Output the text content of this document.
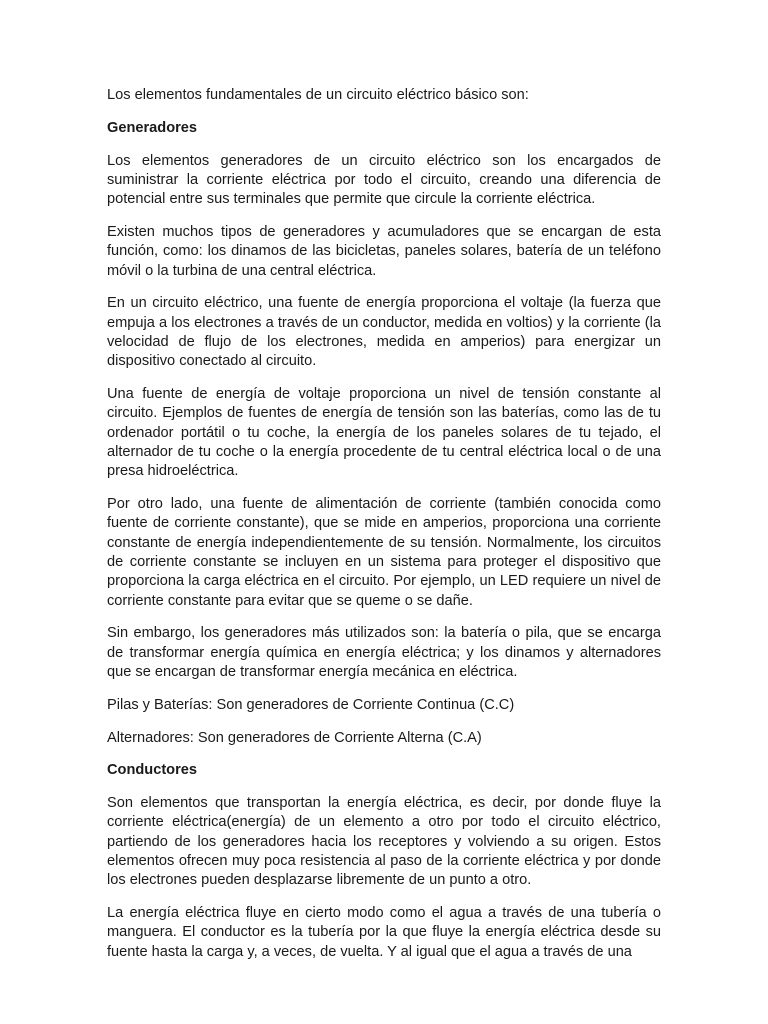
Los elementos fundamentales de un circuito eléctrico básico son:

Generadores

Los elementos generadores de un circuito eléctrico son los encargados de suministrar la corriente eléctrica por todo el circuito, creando una diferencia de potencial entre sus terminales que permite que circule la corriente eléctrica.

Existen muchos tipos de generadores y acumuladores que se encargan de esta función, como: los dinamos de las bicicletas, paneles solares, batería de un teléfono móvil o la turbina de una central eléctrica.

En un circuito eléctrico, una fuente de energía proporciona el voltaje (la fuerza que empuja a los electrones a través de un conductor, medida en voltios) y la corriente (la velocidad de flujo de los electrones, medida en amperios) para energizar un dispositivo conectado al circuito.

Una fuente de energía de voltaje proporciona un nivel de tensión constante al circuito. Ejemplos de fuentes de energía de tensión son las baterías, como las de tu ordenador portátil o tu coche, la energía de los paneles solares de tu tejado, el alternador de tu coche o la energía procedente de tu central eléctrica local o de una presa hidroeléctrica.

Por otro lado, una fuente de alimentación de corriente (también conocida como fuente de corriente constante), que se mide en amperios, proporciona una corriente constante de energía independientemente de su tensión. Normalmente, los circuitos de corriente constante se incluyen en un sistema para proteger el dispositivo que proporciona la carga eléctrica en el circuito. Por ejemplo, un LED requiere un nivel de corriente constante para evitar que se queme o se dañe.

Sin embargo, los generadores más utilizados son: la batería o pila, que se encarga de transformar energía química en energía eléctrica; y los dinamos y alternadores que se encargan de transformar energía mecánica en eléctrica.

Pilas y Baterías: Son generadores de Corriente Continua (C.C)

Alternadores: Son generadores de Corriente Alterna (C.A)

Conductores

Son elementos que transportan la energía eléctrica, es decir, por donde fluye la corriente eléctrica(energía) de un elemento a otro por todo el circuito eléctrico, partiendo de los generadores hacia los receptores y volviendo a su origen. Estos elementos ofrecen muy poca resistencia al paso de la corriente eléctrica y por donde los electrones pueden desplazarse libremente de un punto a otro.

La energía eléctrica fluye en cierto modo como el agua a través de una tubería o manguera. El conductor es la tubería por la que fluye la energía eléctrica desde su fuente hasta la carga y, a veces, de vuelta. Y al igual que el agua a través de una
